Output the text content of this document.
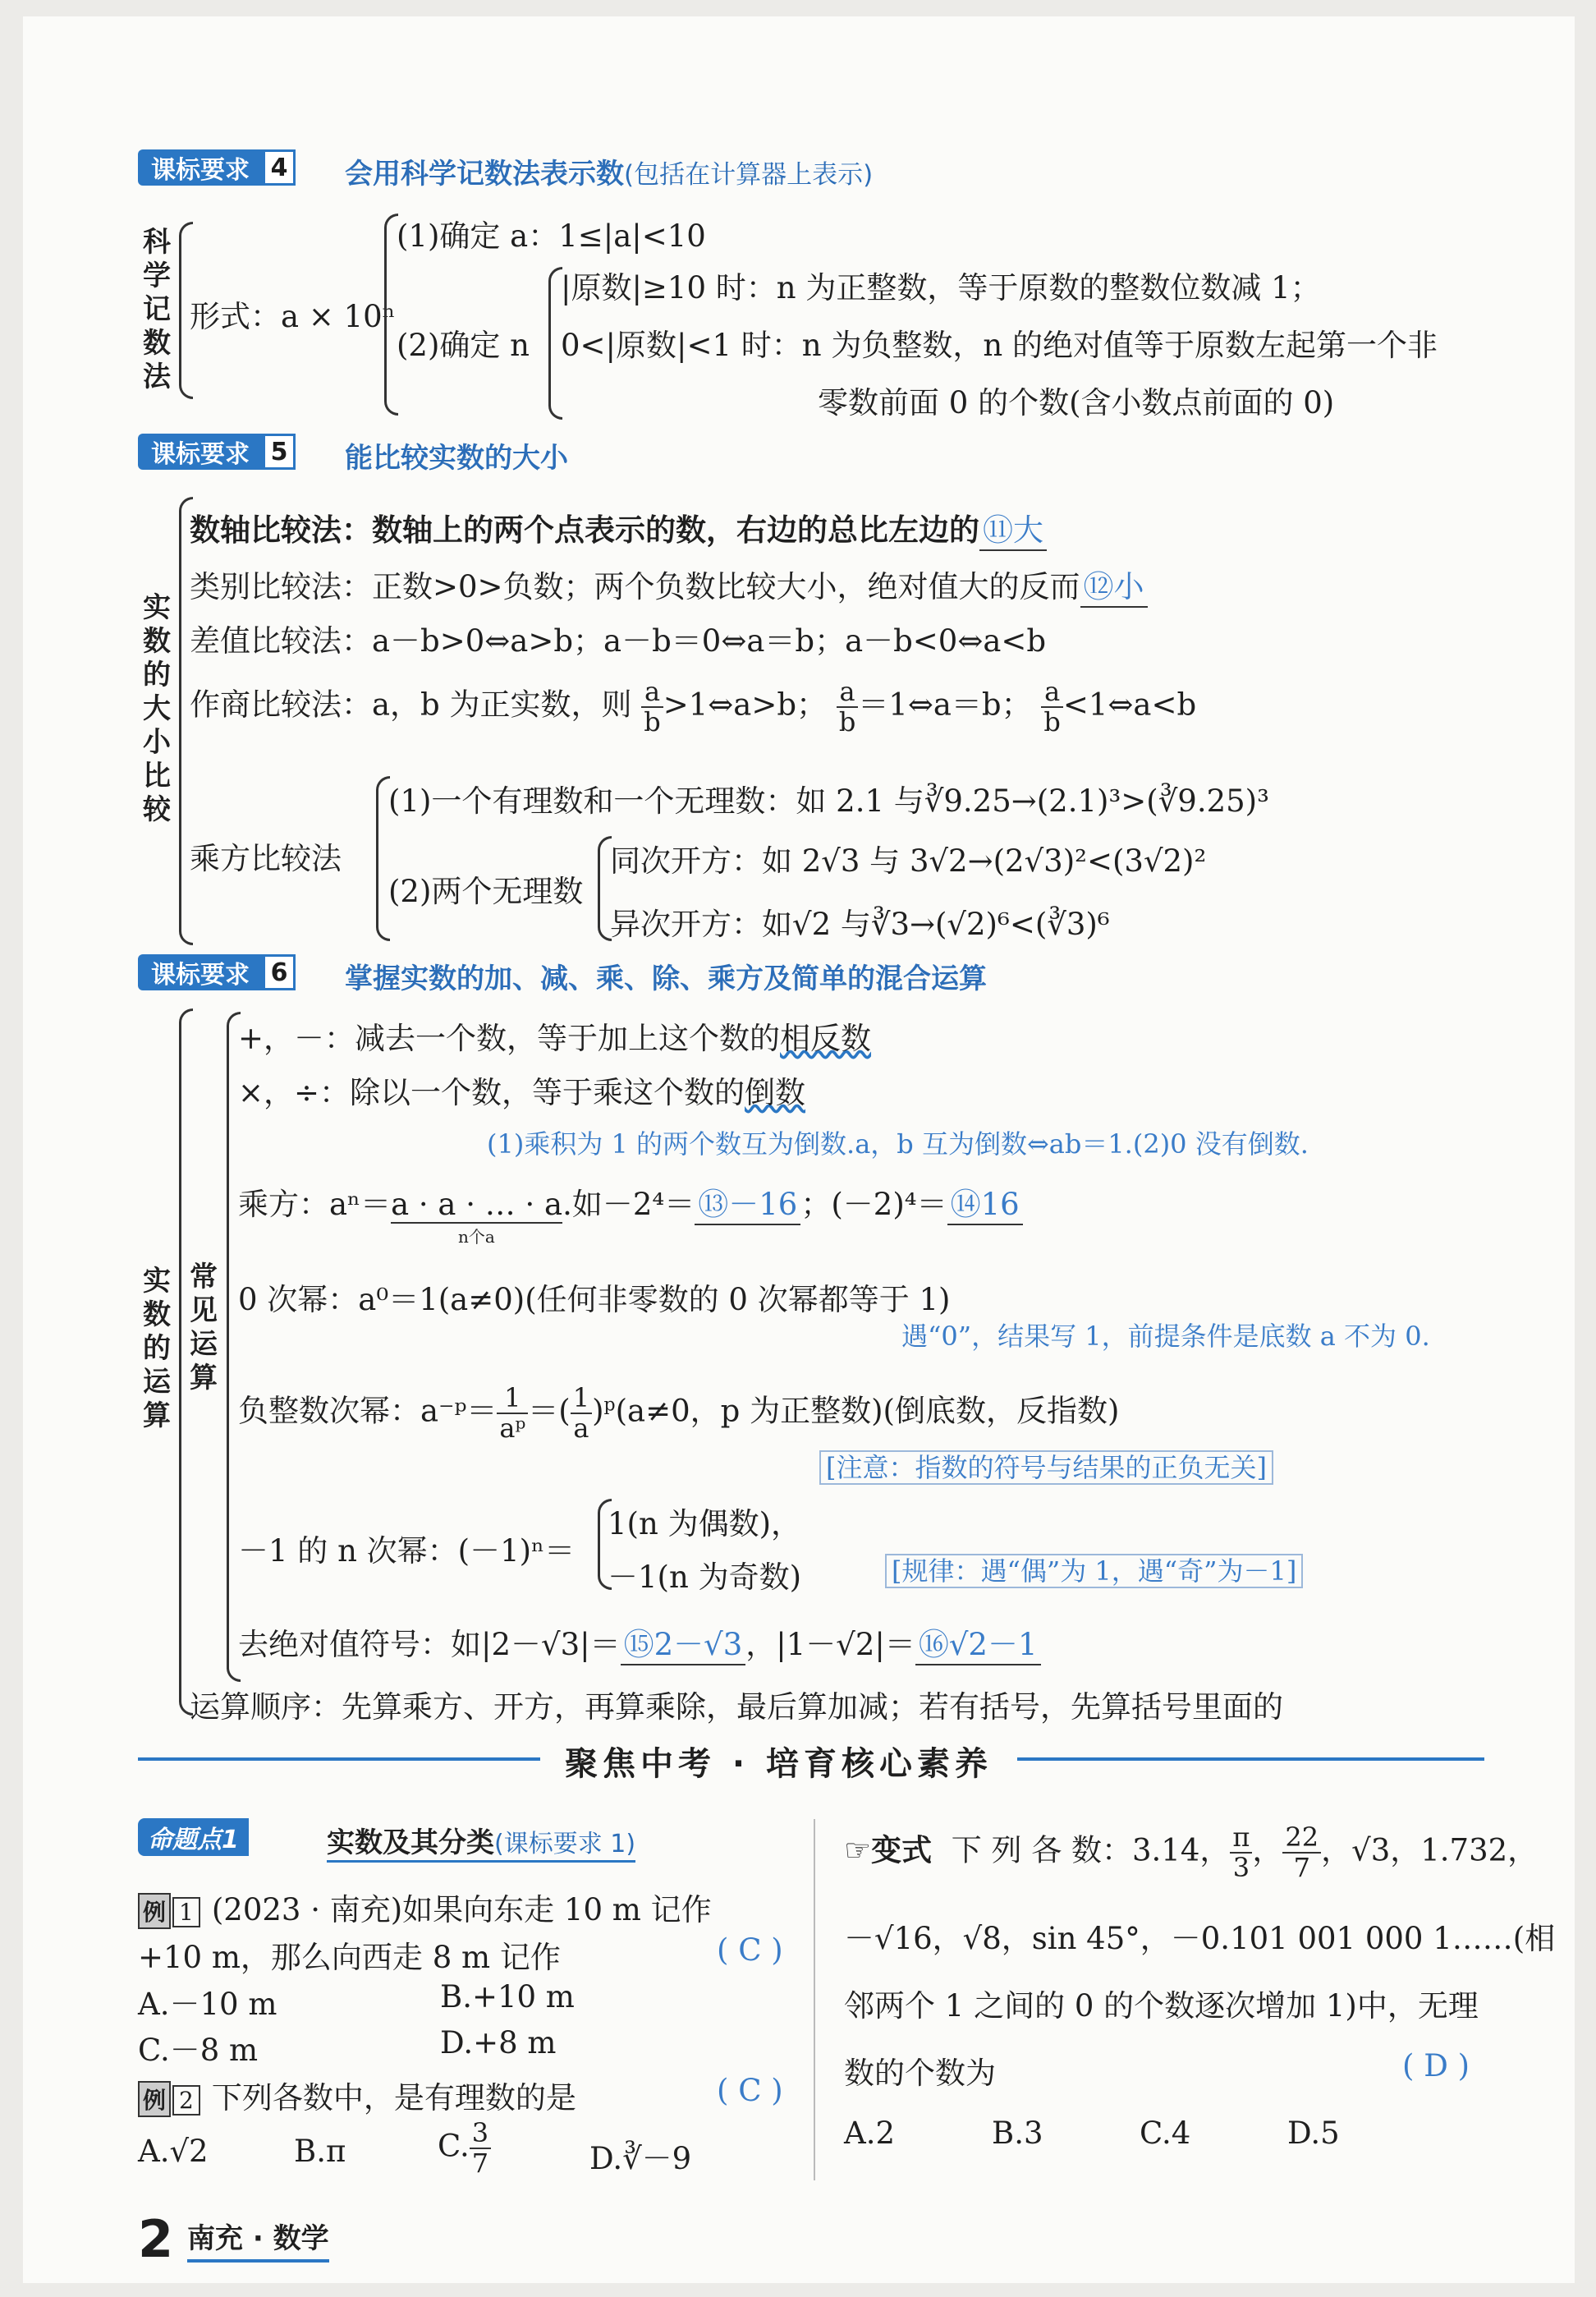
课标要求 4 会用科学记数法表示数(包括在计算器上表示)
科
学
记
数
法
形式：a × 10ⁿ
(1)确定 a：1≤|a|<10
(2)确定 n
|原数|≥10 时：n 为正整数，等于原数的整数位数减 1；
0<|原数|<1 时：n 为负整数，n 的绝对值等于原数左起第一个非
零数前面 0 的个数(含小数点前面的 0)
课标要求 5 能比较实数的大小
实
数
的
大
小
比
较
数轴比较法：数轴上的两个点表示的数，右边的总比左边的 ⑪大
类别比较法：正数>0>负数；两个负数比较大小，绝对值大的反而 ⑫小
差值比较法：a－b>0⇔a>b；a－b＝0⇔a＝b；a－b<0⇔a<b
作商比较法：a，b 为正实数，则 $\frac{a}{b}$ >1⇔a>b； $\frac{a}{b}$ ＝1⇔a＝b； $\frac{a}{b}$ <1⇔a<b
乘方比较法
(1)一个有理数和一个无理数：如 2.1 与∛9.25→(2.1)³>(∛9.25)³
(2)两个无理数
同次开方：如 2√3 与 3√2→(2√3)²<(3√2)²
异次开方：如√2 与∛3→(√2)⁶<(∛3)⁶
课标要求 6 掌握实数的加、减、乘、除、乘方及简单的混合运算
实
数
的
运
算
常
见
运
算
+，－：减去一个数，等于加上这个数的相反数
×，÷：除以一个数，等于乘这个数的倒数
(1)乘积为 1 的两个数互为倒数.a，b 互为倒数⇔ab＝1.(2)0 没有倒数.
乘方：aⁿ＝a · a · … · a.如－2⁴＝ ⑬－16 ；(－2)⁴＝ ⑭16
n个a
0 次幂：a⁰＝1(a≠0)(任何非零数的 0 次幂都等于 1)
遇“0”，结果写 1，前提条件是底数 a 不为 0.
负整数次幂：a⁻ᵖ＝ $\frac{1}{\text{aᵖ}}$ ＝( $\frac{1}{a} )^p(a\ne 0$，p 为正整数)(倒底数，反指数)
[注意：指数的符号与结果的正负无关]
－1 的 n 次幂：(－1)ⁿ＝
1(n 为偶数)，
－1(n 为奇数)	[规律：遇“偶”为 1，遇“奇”为－1]
去绝对值符号：如|2－√3|＝ ⑮2－√3 ，|1－√2|＝ ⑯√2－1
运算顺序：先算乘方、开方，再算乘除，最后算加减；若有括号，先算括号里面的
聚焦中考 · 培育核心素养
命题点1	实数及其分类(课标要求 1)
例 1 (2023 · 南充)如果向东走 10 m 记作
+10 m，那么向西走 8 m 记作	( C )
A.－10 m	B.+10 m
C.－8 m	D.+8 m
例 2 下列各数中，是有理数的是	( C )
A.√2	B.π	C. $\frac{3}{7}$	D.∛－9
☞变式 下 列 各 数：3.14， $\frac{\pi}{3}$ ， $\frac{22}{7}$ ，√3，1.732，
－√16，√8，sin 45°，－0.101 001 000 1……(相
邻两个 1 之间的 0 的个数逐次增加 1)中，无理
数的个数为	( D )
A.2	B.3	C.4	D.5
2 南充 · 数学
